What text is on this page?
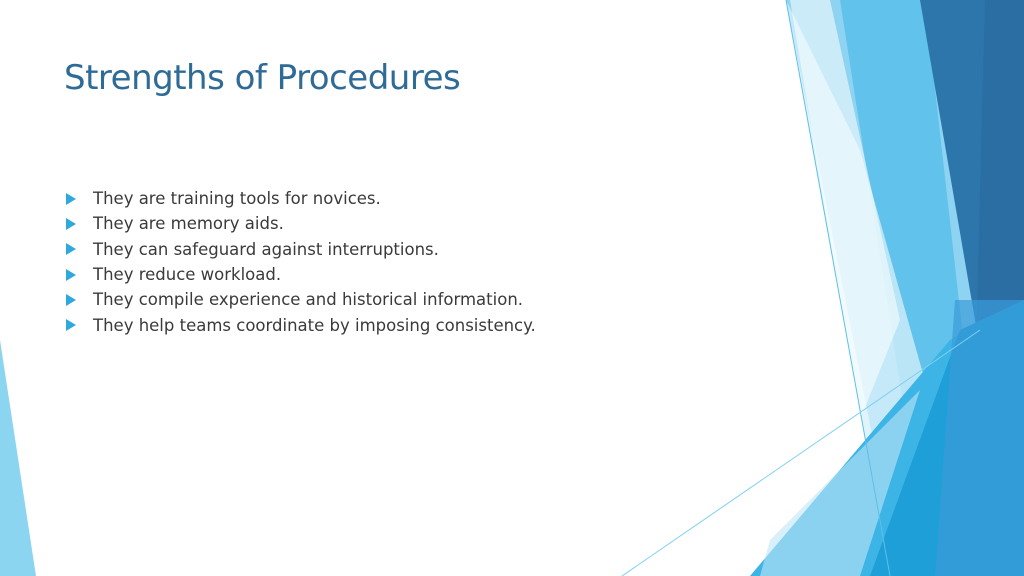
Strengths of Procedures
They are training tools for novices.
They are memory aids.
They can safeguard against interruptions.
They reduce workload.
They compile experience and historical information.
They help teams coordinate by imposing consistency.
